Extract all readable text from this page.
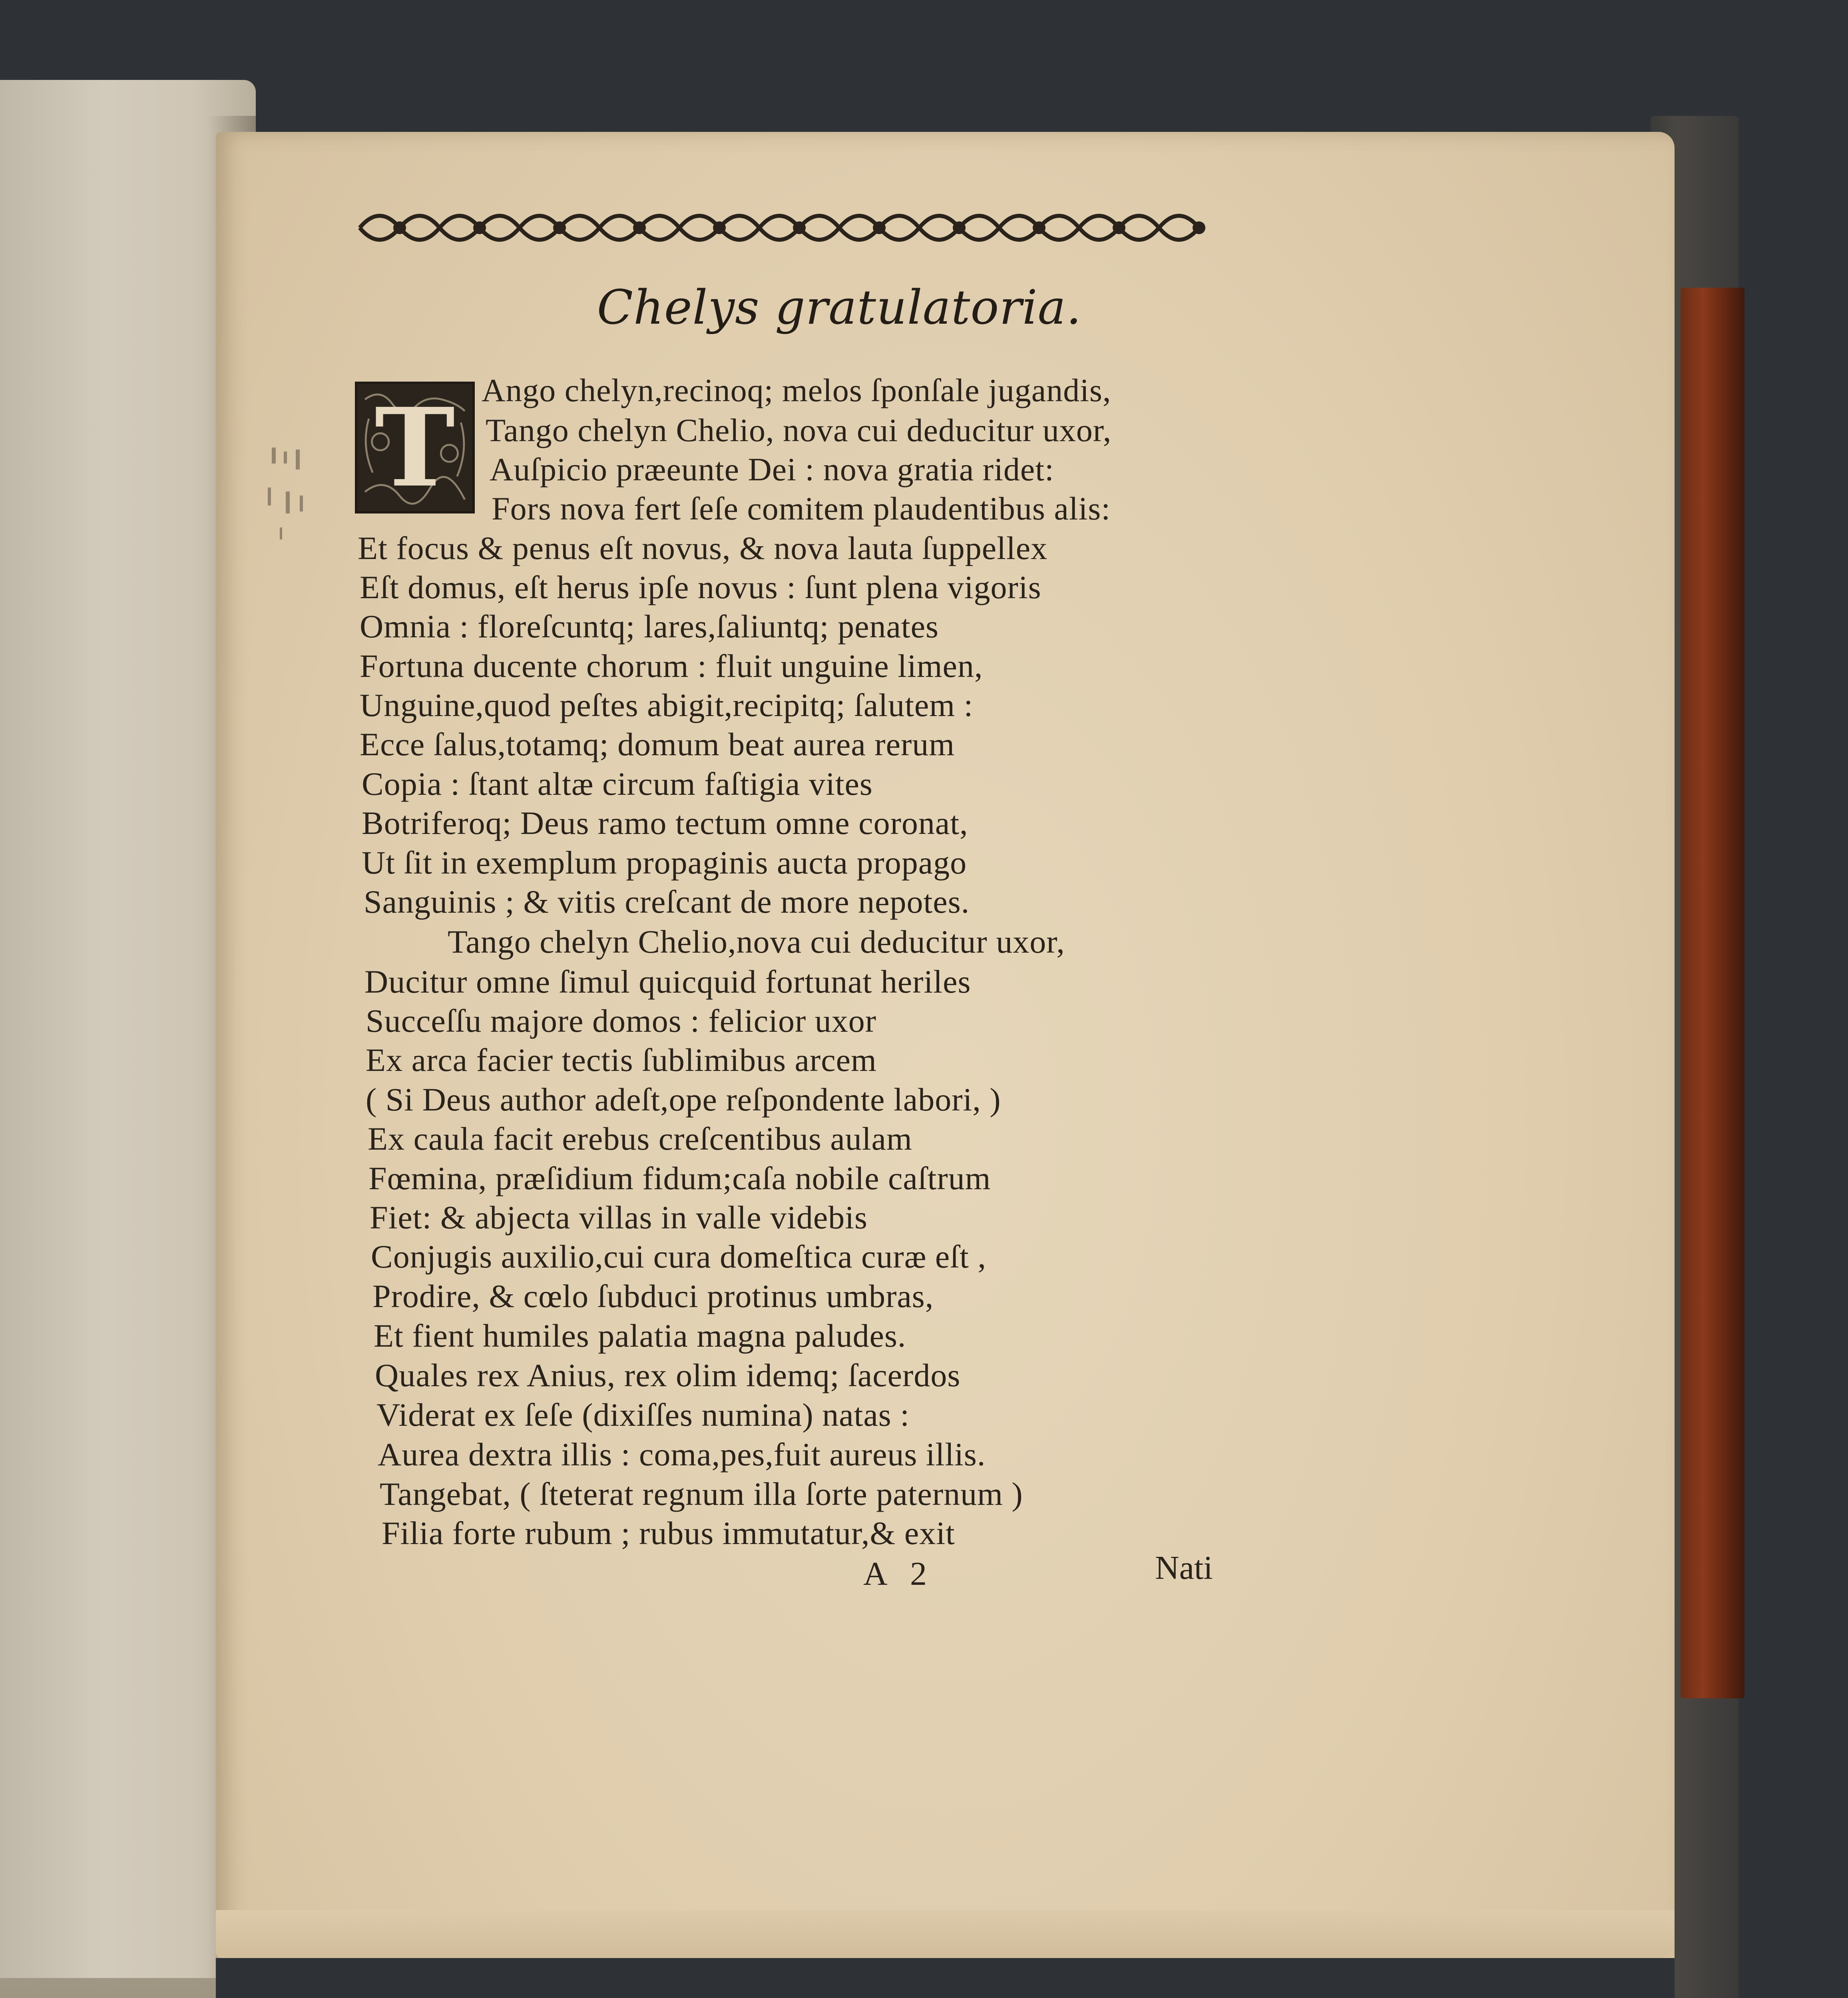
Chelys gratulatoria.
T Ango chelyn,recinoq; melos ſponſale jugandis,
Tango chelyn Chelio, nova cui deducitur uxor,
Auſpicio præeunte Dei : nova gratia ridet:
Fors nova fert ſeſe comitem plaudentibus alis:
Et focus & penus eſt novus, & nova lauta ſuppellex
Eſt domus, eſt herus ipſe novus : ſunt plena vigoris
Omnia : floreſcuntq; lares,ſaliuntq; penates
Fortuna ducente chorum : fluit unguine limen,
Unguine,quod peſtes abigit,recipitq; ſalutem :
Ecce ſalus,totamq; domum beat aurea rerum
Copia : ſtant altæ circum faſtigia vites
Botriferoq; Deus ramo tectum omne coronat,
Ut ſit in exemplum propaginis aucta propago
Sanguinis ; & vitis creſcant de more nepotes.
Tango chelyn Chelio,nova cui deducitur uxor,
Ducitur omne ſimul quicquid fortunat heriles
Succeſſu majore domos : felicior uxor
Ex arca facier tectis ſublimibus arcem
( Si Deus author adeſt,ope reſpondente labori, )
Ex caula facit erebus creſcentibus aulam
Fœmina, præſidium fidum;caſa nobile caſtrum
Fiet: & abjecta villas in valle videbis
Conjugis auxilio,cui cura domeſtica curæ eſt ,
Prodire, & cœlo ſubduci protinus umbras,
Et fient humiles palatia magna paludes.
Quales rex Anius, rex olim idemq; ſacerdos
Viderat ex ſeſe (dixiſſes numina) natas :
Aurea dextra illis : coma,pes,fuit aureus illis.
Tangebat, ( ſteterat regnum illa ſorte paternum )
Filia forte rubum ; rubus immutatur,& exit
A 2	Nati
